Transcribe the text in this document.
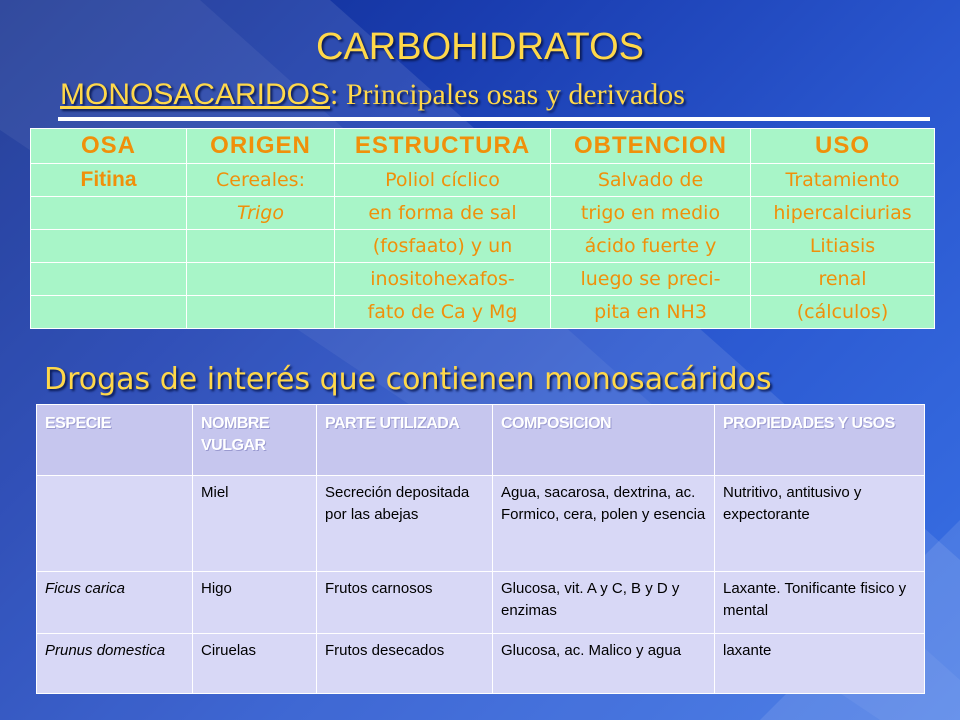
CARBOHIDRATOS
MONOSACARIDOS: Principales osas y derivados
OSA	ORIGEN	ESTRUCTURA	OBTENCION	USO
Fitina	Cereales:	Poliol cíclico	Salvado de	Tratamiento
	Trigo	en forma de sal	trigo en medio	hipercalciurias
		(fosfaato) y un	ácido fuerte y	Litiasis
		inositohexafos-	luego se preci-	renal
		fato de Ca y Mg	pita en NH3	(cálculos)
Drogas de interés que contienen monosacáridos
ESPECIE	NOMBRE VULGAR	PARTE UTILIZADA	COMPOSICION	PROPIEDADES Y USOS
	Miel	Secreción depositada por las abejas	Agua, sacarosa, dextrina, ac. Formico, cera, polen y esencia	Nutritivo, antitusivo y expectorante
Ficus carica	Higo	Frutos carnosos	Glucosa, vit. A y C, B y D y enzimas	Laxante. Tonificante fisico y mental
Prunus domestica	Ciruelas	Frutos desecados	Glucosa, ac. Malico y agua	laxante
